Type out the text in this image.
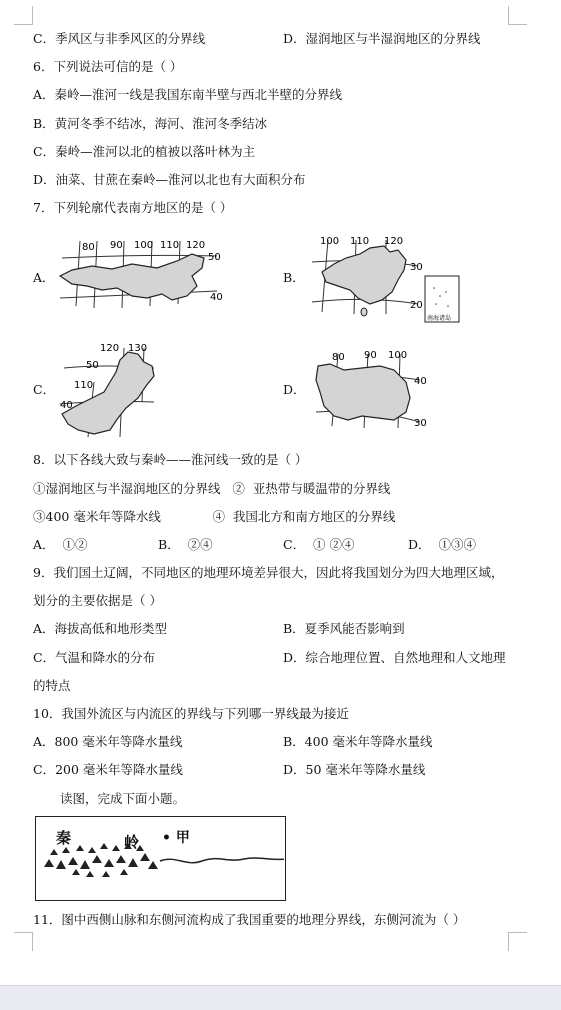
C．季风区与非季风区的分界线	D．湿润地区与半湿润地区的分界线
6．下列说法可信的是（ ）
A．秦岭—淮河一线是我国东南半壁与西北半壁的分界线
B．黄河冬季不结冰，海河、淮河冬季结冰
C．秦岭—淮河以北的植被以落叶林为主
D．油菜、甘蔗在秦岭—淮河以北也有大面积分布
7．下列轮廓代表南方地区的是（ ）
A．	B．
C．	D．
80 90 100 110 120
50
40
100 110 120
30
20
南海诸岛
120 130
110
50
40
80 90 100
40
30
8．以下各线大致与秦岭——淮河线一致的是（ ）
①湿润地区与半湿润地区的分界线   ②  亚热带与暖温带的分界线
③400 毫米年等降水线             ④  我国北方和南方地区的分界线
A．  ①②	B．  ②④	C．  ① ②④	D．  ①③④
9．我们国土辽阔，不同地区的地理环境差异很大，因此将我国划分为四大地理区域，
划分的主要依据是（ ）
A．海拔高低和地形类型	B．夏季风能否影响到
C．气温和降水的分布	D．综合地理位置、自然地理和人文地理
的特点
10．我国外流区与内流区的界线与下列哪一界线最为接近
A．800 毫米年等降水量线	B．400 毫米年等降水量线
C．200 毫米年等降水量线	D．50 毫米年等降水量线
读图，完成下面小题。
秦	岭 • 甲
11．图中西侧山脉和东侧河流构成了我国重要的地理分界线，东侧河流为（ ）
